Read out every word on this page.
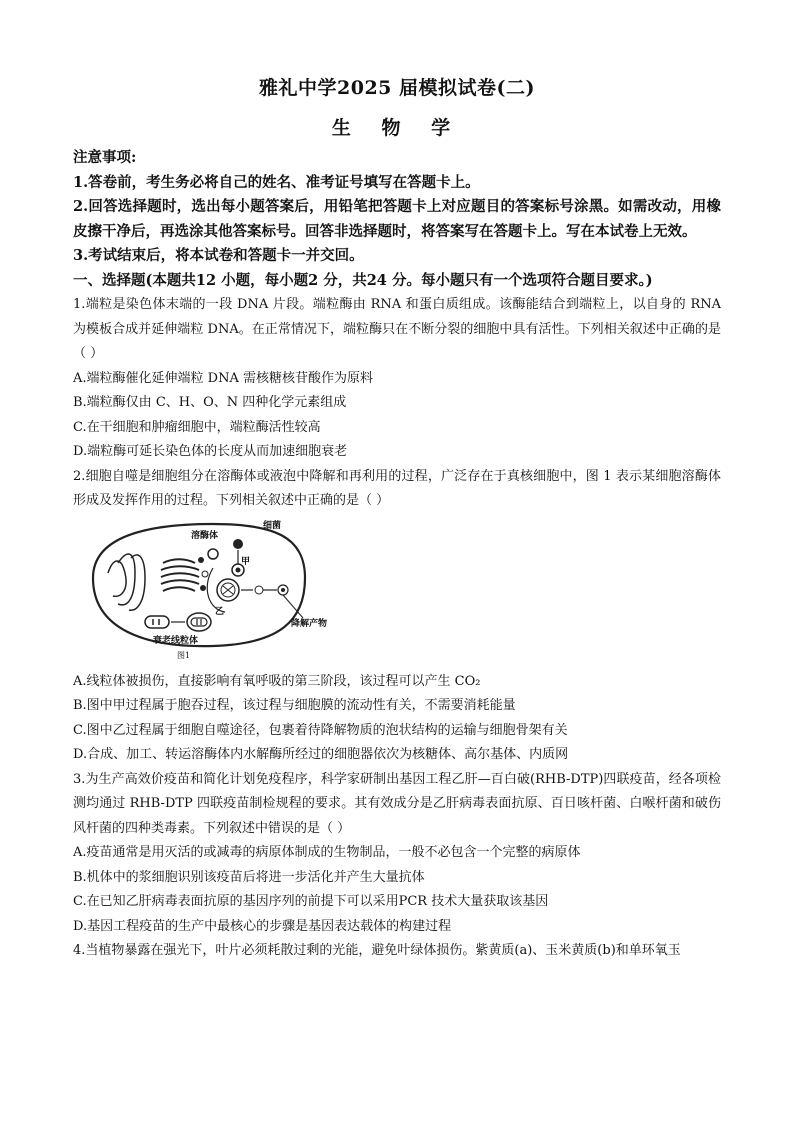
雅礼中学2025 届模拟试卷(二)
生 物 学

注意事项:

1.答卷前，考生务必将自己的姓名、准考证号填写在答题卡上。

2.回答选择题时，选出每小题答案后，用铅笔把答题卡上对应题目的答案标号涂黑。如需改动，用橡皮擦干净后，再选涂其他答案标号。回答非选择题时，将答案写在答题卡上。写在本试卷上无效。

3.考试结束后，将本试卷和答题卡一并交回。

一、选择题(本题共12 小题，每小题2 分，共24 分。每小题只有一个选项符合题目要求。)

1.端粒是染色体末端的一段 DNA 片段。端粒酶由 RNA 和蛋白质组成。该酶能结合到端粒上，以自身的 RNA 为模板合成并延伸端粒 DNA。在正常情况下，端粒酶只在不断分裂的细胞中具有活性。下列相关叙述中正确的是（ ）

A.端粒酶催化延伸端粒 DNA 需核糖核苷酸作为原料

B.端粒酶仅由 C、H、O、N 四种化学元素组成

C.在干细胞和肿瘤细胞中，端粒酶活性较高

D.端粒酶可延长染色体的长度从而加速细胞衰老

2.细胞自噬是细胞组分在溶酶体或液泡中降解和再利用的过程，广泛存在于真核细胞中，图 1 表示某细胞溶酶体形成及发挥作用的过程。下列相关叙述中正确的是（ ）

溶酶体
细菌
甲
乙
降解产物
衰老线粒体
图1

A.线粒体被损伤，直接影响有氧呼吸的第三阶段，该过程可以产生 CO₂

B.图中甲过程属于胞吞过程，该过程与细胞膜的流动性有关，不需要消耗能量

C.图中乙过程属于细胞自噬途径，包裹着待降解物质的泡状结构的运输与细胞骨架有关

D.合成、加工、转运溶酶体内水解酶所经过的细胞器依次为核糖体、高尔基体、内质网

3.为生产高效价疫苗和简化计划免疫程序，科学家研制出基因工程乙肝—百白破(RHB-DTP)四联疫苗，经各项检测均通过 RHB-DTP 四联疫苗制检规程的要求。其有效成分是乙肝病毒表面抗原、百日咳杆菌、白喉杆菌和破伤风杆菌的四种类毒素。下列叙述中错误的是（ ）

A.疫苗通常是用灭活的或减毒的病原体制成的生物制品，一般不必包含一个完整的病原体

B.机体中的浆细胞识别该疫苗后将进一步活化并产生大量抗体

C.在已知乙肝病毒表面抗原的基因序列的前提下可以采用PCR 技术大量获取该基因

D.基因工程疫苗的生产中最核心的步骤是基因表达载体的构建过程

4.当植物暴露在强光下，叶片必须耗散过剩的光能，避免叶绿体损伤。紫黄质(a)、玉米黄质(b)和单环氧玉
